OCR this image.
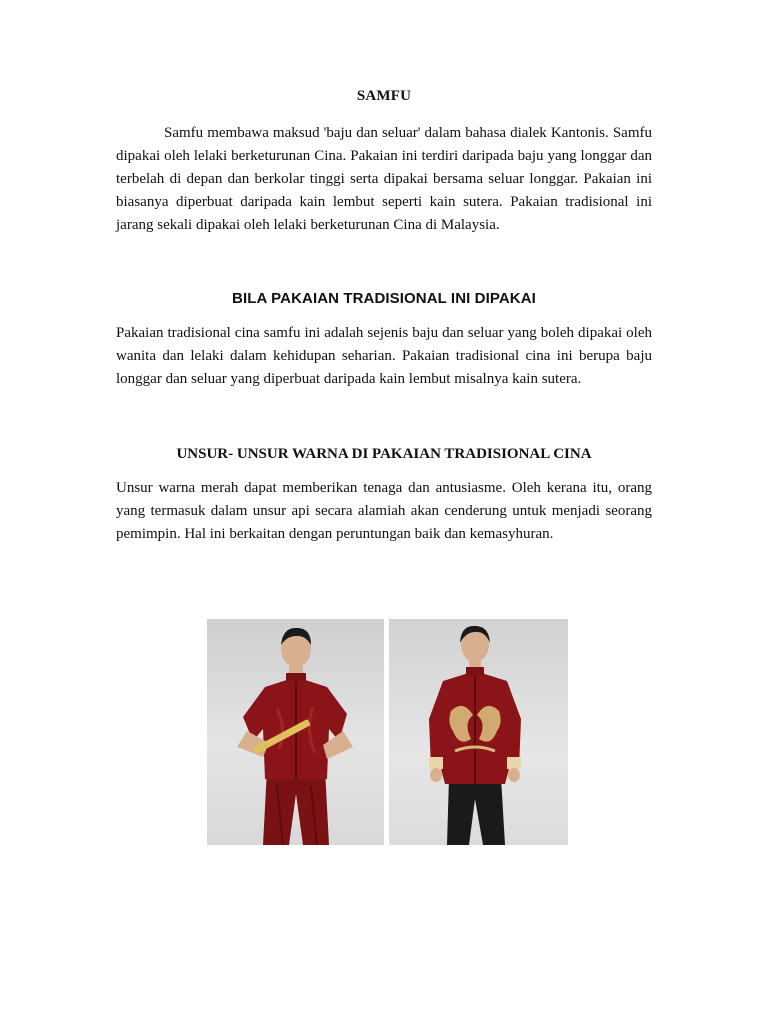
SAMFU

Samfu membawa maksud 'baju dan seluar' dalam bahasa dialek Kantonis. Samfu dipakai oleh lelaki berketurunan Cina. Pakaian ini terdiri daripada baju yang longgar dan terbelah di depan dan berkolar tinggi serta dipakai bersama seluar longgar. Pakaian ini biasanya diperbuat daripada kain lembut seperti kain sutera. Pakaian tradisional ini jarang sekali dipakai oleh lelaki berketurunan Cina di Malaysia.

BILA PAKAIAN TRADISIONAL INI DIPAKAI

Pakaian tradisional cina samfu ini adalah sejenis baju dan seluar yang boleh dipakai oleh wanita dan lelaki dalam kehidupan seharian. Pakaian tradisional cina ini berupa baju longgar dan seluar yang diperbuat daripada kain lembut misalnya kain sutera.

UNSUR- UNSUR WARNA DI PAKAIAN TRADISIONAL CINA

Unsur warna merah dapat memberikan tenaga dan antusiasme. Oleh kerana itu, orang yang termasuk dalam unsur api secara alamiah akan cenderung untuk menjadi seorang pemimpin. Hal ini berkaitan dengan peruntungan baik dan kemasyhuran.
